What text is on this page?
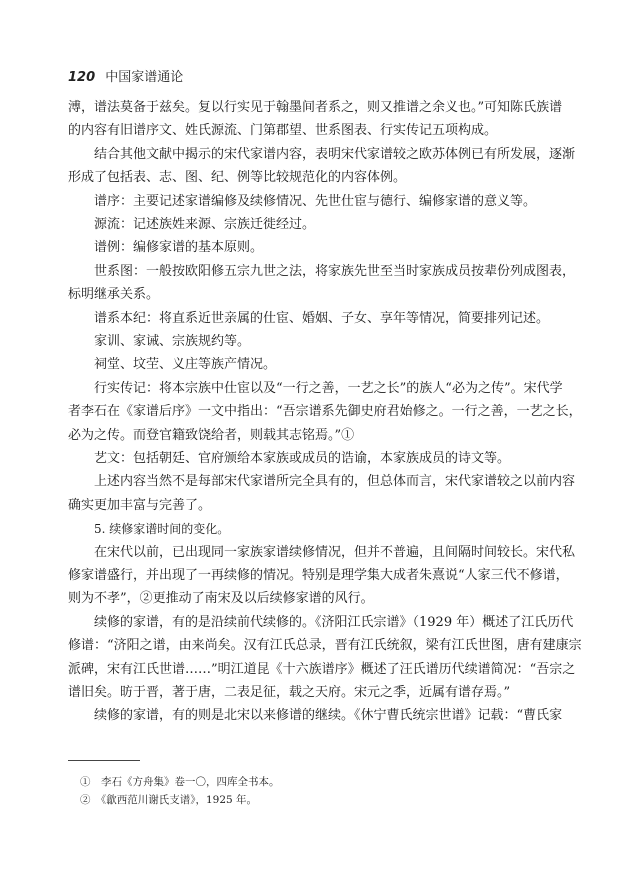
120 中国家谱通论
溥，谱法莫备于兹矣。复以行实见于翰墨间者系之，则又推谱之余义也。”可知陈氏族谱
的内容有旧谱序文、姓氏源流、门第郡望、世系图表、行实传记五项构成。
结合其他文献中揭示的宋代家谱内容，表明宋代家谱较之欧苏体例已有所发展，逐渐
形成了包括表、志、图、纪、例等比较规范化的内容体例。
谱序：主要记述家谱编修及续修情况、先世仕宦与德行、编修家谱的意义等。
源流：记述族姓来源、宗族迁徙经过。
谱例：编修家谱的基本原则。
世系图：一般按欧阳修五宗九世之法，将家族先世至当时家族成员按辈份列成图表，
标明继承关系。
谱系本纪：将直系近世亲属的仕宦、婚姻、子女、享年等情况，简要排列记述。
家训、家诫、宗族规约等。
祠堂、坟茔、义庄等族产情况。
行实传记：将本宗族中仕宦以及“一行之善，一艺之长”的族人“必为之传”。宋代学
者李石在《家谱后序》一文中指出：“吾宗谱系先御史府君始修之。一行之善，一艺之长，
必为之传。而登官籍致饶给者，则载其志铭焉。”①
艺文：包括朝廷、官府颁给本家族或成员的诰谕，本家族成员的诗文等。
上述内容当然不是每部宋代家谱所完全具有的，但总体而言，宋代家谱较之以前内容
确实更加丰富与完善了。
5. 续修家谱时间的变化。
在宋代以前，已出现同一家族家谱续修情况，但并不普遍，且间隔时间较长。宋代私
修家谱盛行，并出现了一再续修的情况。特别是理学集大成者朱熹说“人家三代不修谱，
则为不孝”，②更推动了南宋及以后续修家谱的风行。
续修的家谱，有的是沿续前代续修的。《济阳江氏宗谱》（1929 年）概述了江氏历代
修谱：“济阳之谱，由来尚矣。汉有江氏总录，晋有江氏统叙，梁有江氏世图，唐有建康宗
派碑，宋有江氏世谱……”明江道昆《十六族谱序》概述了汪氏谱历代续谱简况：“吾宗之
谱旧矣。昉于晋，著于唐，二表足征，载之天府。宋元之季，近属有谱存焉。”
续修的家谱，有的则是北宋以来修谱的继续。《休宁曹氏统宗世谱》记载：“曹氏家
①　李石《方舟集》卷一〇，四库全书本。
②　《歙西范川谢氏支谱》，1925 年。
